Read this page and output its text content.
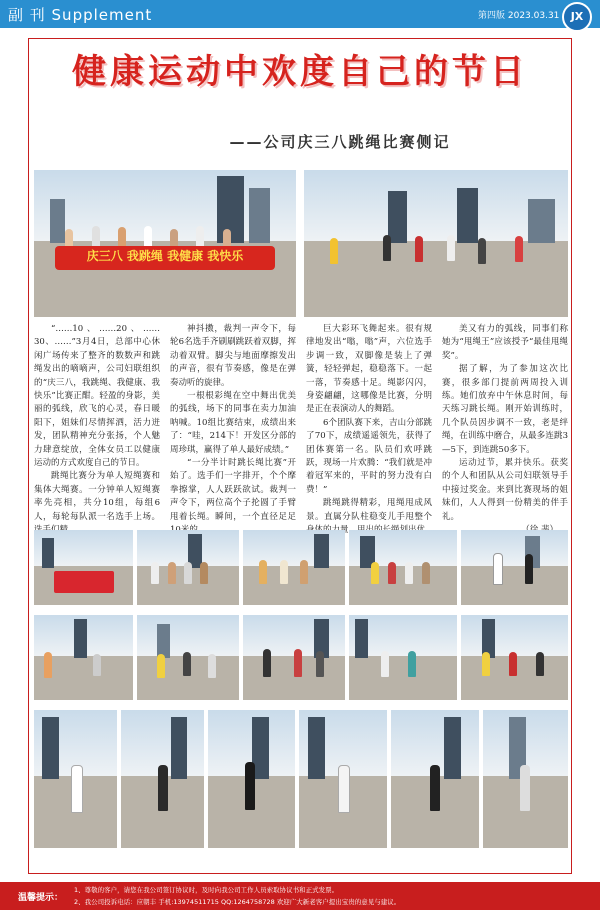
副 刊 Supplement	第四版 2023.03.31	JX
健康运动中欢度自己的节日
——公司庆三八跳绳比赛侧记
庆三八 我跳绳 我健康 我快乐

“……10、……20、……30、……”3月4日，总部中心休闲广场传来了整齐的数数声和跳绳发出的嘀嘀声，公司妇联组织的“庆三八，我跳绳、我健康、我快乐”比赛正酣。轻盈的身影，美丽的弧线，欣飞的心灵，春日暖阳下，姐妹们尽情挥洒，活力迸发，团队精神充分张扬，个人魅力肆意绽放，全体女员工以健康运动的方式欢度自己的节日。

跳绳比赛分为单人短绳赛和集体大绳赛。一分钟单人短绳赛率先亮相，共分10组，每组6人，每轮每队派一名选手上场。

神抖擞，裁判一声令下，每轮6名选手齐刷刷跳跃着双脚，挥动着双臂。脚尖与地面摩擦发出的声音，很有节奏感，像是在弹奏动听的旋律。

一根根彩绳在空中舞出优美的弧线，场下的同事在卖力加油呐喊。10组比赛结束，成绩出来了：“哇，214下！开发区分部的周珍琪，赢得了单人最好成绩。”

“一分半计时跳长绳比赛”开始了。选手们一字排开，个个摩拳擦掌，人人跃跃欲试。裁判一声令下，两位高个子抡圆了手臂甩着长绳。瞬间，一个直径足足

巨大彩环飞舞起来。很有规律地发出“嗡，嗡”声，六位选手步调一致，双脚像是装上了弹簧，轻轻弹起，稳稳落下。一起一落，节奏感十足。绳影闪闪，身姿翩翩，这哪像是比赛，分明是正在表演动人的舞蹈。

6个团队赛下来，吉山分部跳了70下，成绩遥遥领先，获得了团体赛第一名。队员们欢呼跳跃，现场一片欢腾：“我们就是冲着冠军来的，平时的努力没有白费！”

跳绳跳得精彩，甩绳甩成风景。直属分队柱稳变儿手甩整个

美又有力的弧线，同事们称她为“甩绳王”应该授予“最佳甩绳奖”。

据了解，为了参加这次比赛，很多部门提前两周投入训练。她们放弃中午休息时间，每天练习跳长绳。刚开始训练时，几个队员因步调不一致，老是绊绳，在训练中磨合，从最多连跳3—5下，到连跳50多下。

运动过节，累并快乐。获奖的个人和团队从公司妇联领导手中接过奖金。来到比赛现场的姐妹们，人人得到一份精美的伴手礼。

温馨提示：
1、尊敬的客户，请您在我公司签订协议时，及时向我公司工作人员索取协议书和正式发票。
2、我公司投诉电话：应朝丰 手机:13974511715 QQ:1264758728 欢迎广大新老客户提出宝贵的意见与建议。
